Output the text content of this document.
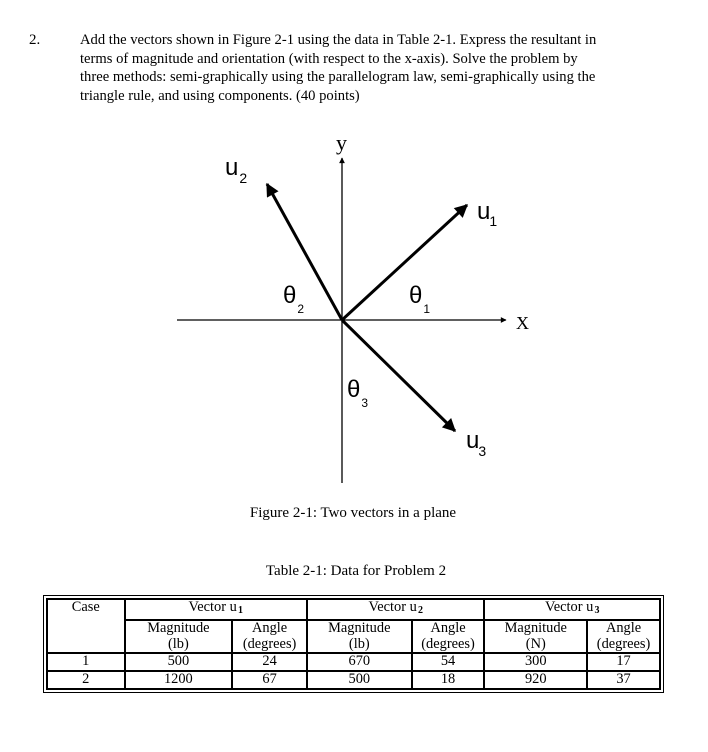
2.	Add the vectors shown in Figure 2-1 using the data in Table 2-1. Express the resultant in
terms of magnitude and orientation (with respect to the x-axis). Solve the problem by
three methods: semi-graphically using the parallelogram law, semi-graphically using the
triangle rule, and using components. (40 points)
y
X
u1
$u_2$
u3
$\theta_1$
$\theta_2$
$\theta_3$
Figure 2-1: Two vectors in a plane
Table 2-1: Data for Problem 2
Case	Vector u 1		Vector u 2		Vector u 3	

	Magnitude
(lb)	Angle
(degrees)	Magnitude
(lb)	Angle
(degrees)	Magnitude
(N)	Angle
(degrees)

1	500	24	670	54	300	17
2	1200	67	500	18	920	37
